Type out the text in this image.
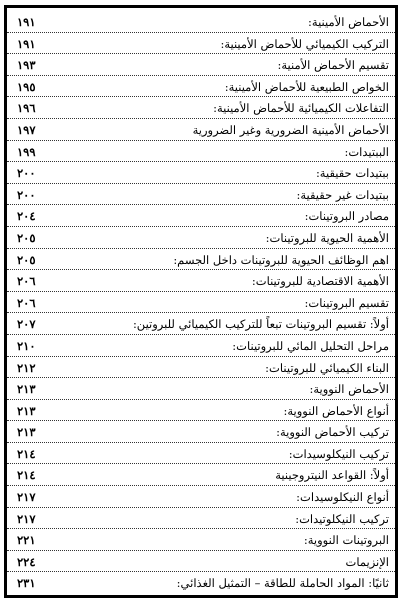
الأحماض الأمينية:
١٩١
التركيب الكيميائي للأحماض الأمينية:
١٩١
تقسيم الأحماض الأمنية:
١٩٣
الخواص الطبيعية للأحماض الأمينية:
١٩٥
التفاعلات الكيميائية للأحماض الأمينية:
١٩٦
الأحماض الأمينية الضرورية وغير الضرورية
١٩٧
الببتيدات:
١٩٩
ببتيدات حقيقية:
٢٠٠
ببتيدات غير حقيقية:
٢٠٠
مصادر البروتينات:
٢٠٤
الأهمية الحيوية للبروتينات:
٢٠٥
اهم الوظائف الحيوية للبروتينات داخل الجسم:
٢٠٥
الأهمية الاقتصادية للبروتينات:
٢٠٦
تقسيم البروتينات:
٢٠٦
أولاً: تقسيم البروتينات تبعاً للتركيب الكيميائي للبروتين:
٢٠٧
مراحل التحليل المائي للبروتينات:
٢١٠
البناء الكيميائي للبروتينات:
٢١٢
الأحماض النووية:
٢١٣
أنواع الأحماض النووية:
٢١٣
تركيب الأحماض النووية:
٢١٣
تركيب النيكلوسيدات:
٢١٤
أولاً: القواعد النيتروجينية
٢١٤
أنواع النيكلوسيدات:
٢١٧
تركيب النيكلوتيدات:
٢١٧
البروتينات النووية:
٢٢١
الإنزيمات
٢٢٤
ثانيًا: المواد الحاملة للطاقة – التمثيل الغذائي:
٢٣١
